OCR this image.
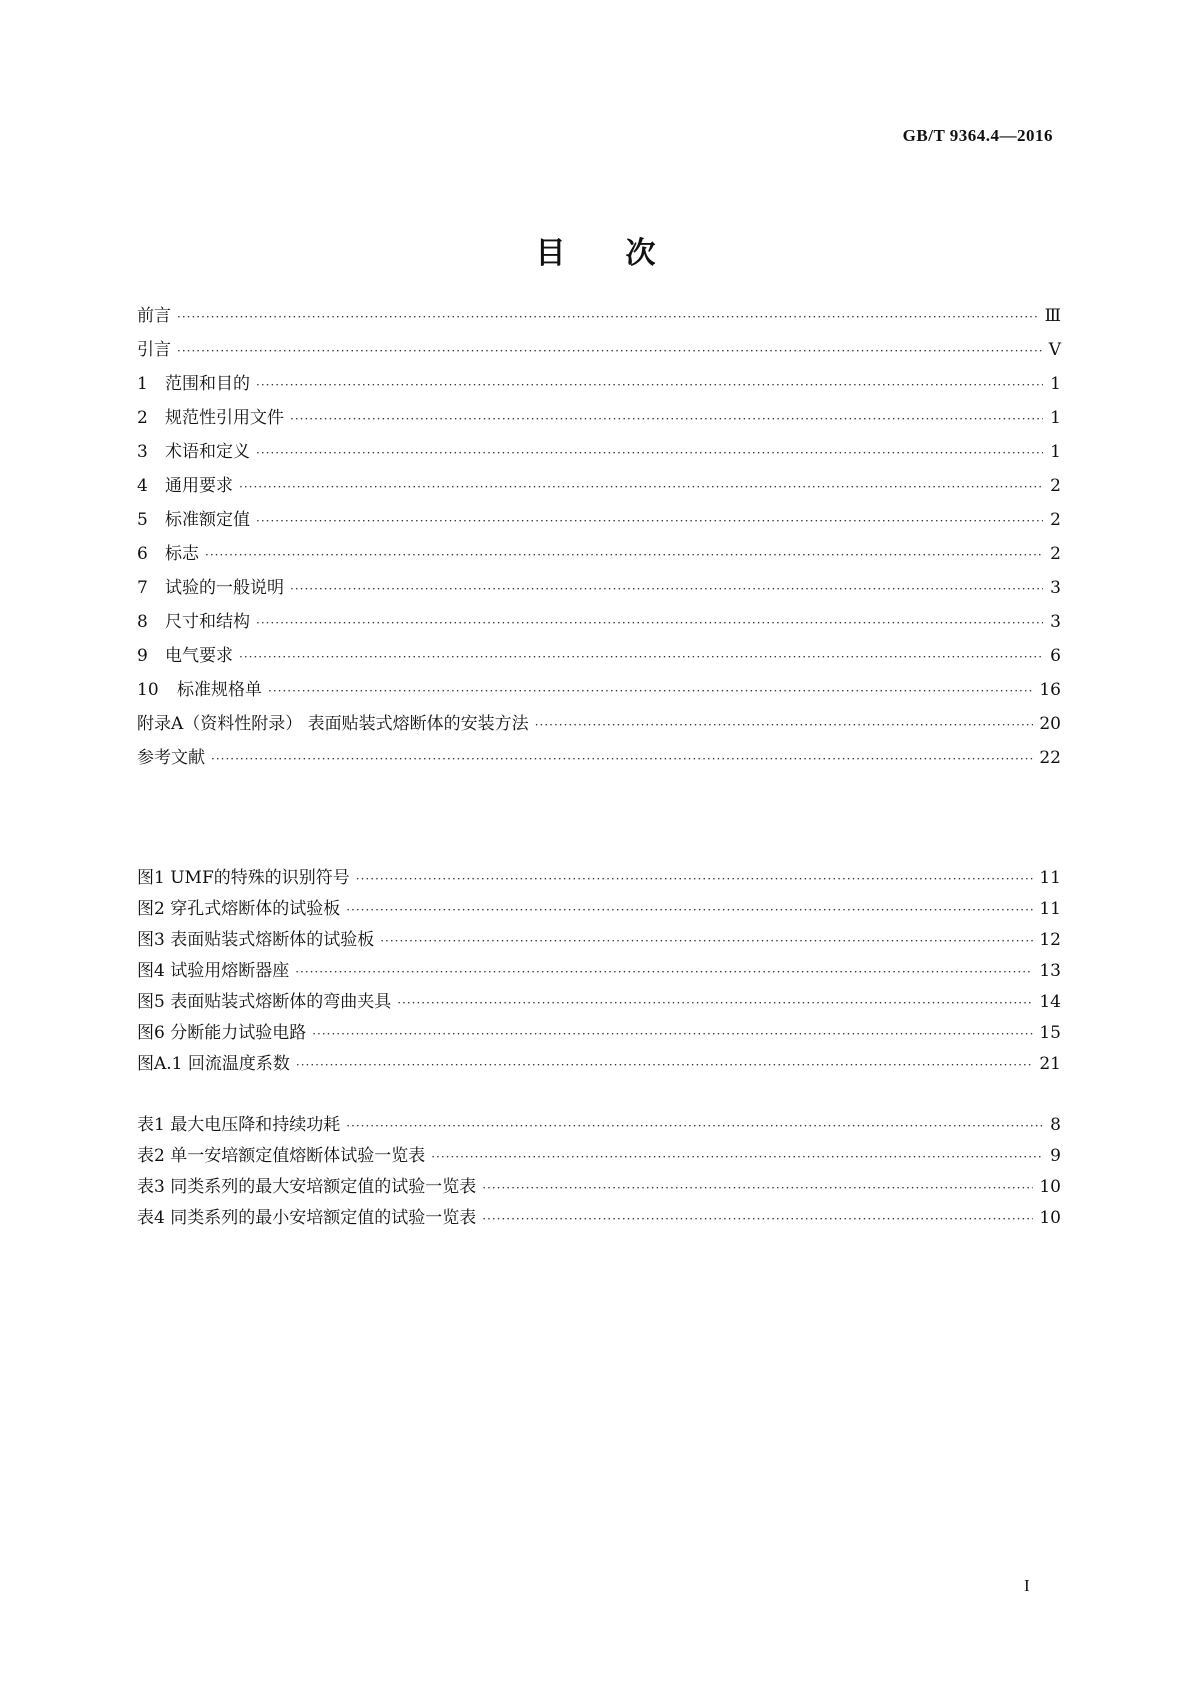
GB/T 9364.4—2016
目次
前言 ·····	Ⅲ
引言 ·····	Ⅴ
1	范围和目的 ·····	1
2	规范性引用文件 ·····	1
3	术语和定义 ·····	1
4	通用要求 ·····	2
5	标准额定值 ·····	2
6	标志 ·····	2
7	试验的一般说明 ·····	3
8	尺寸和结构 ·····	3
9	电气要求 ·····	6
10	标准规格单 ·····	16
附录A（资料性附录） 表面贴装式熔断体的安装方法 ·····	20
参考文献 ·····	22
图1 UMF的特殊的识别符号 ·····	11
图2 穿孔式熔断体的试验板 ·····	11
图3 表面贴装式熔断体的试验板 ·····	12
图4 试验用熔断器座 ·····	13
图5 表面贴装式熔断体的弯曲夹具 ·····	14
图6 分断能力试验电路 ·····	15
图A.1 回流温度系数 ·····	21
表1 最大电压降和持续功耗 ·····	8
表2 单一安培额定值熔断体试验一览表 ·····	9
表3 同类系列的最大安培额定值的试验一览表 ·····	10
表4 同类系列的最小安培额定值的试验一览表 ·····	10
I
